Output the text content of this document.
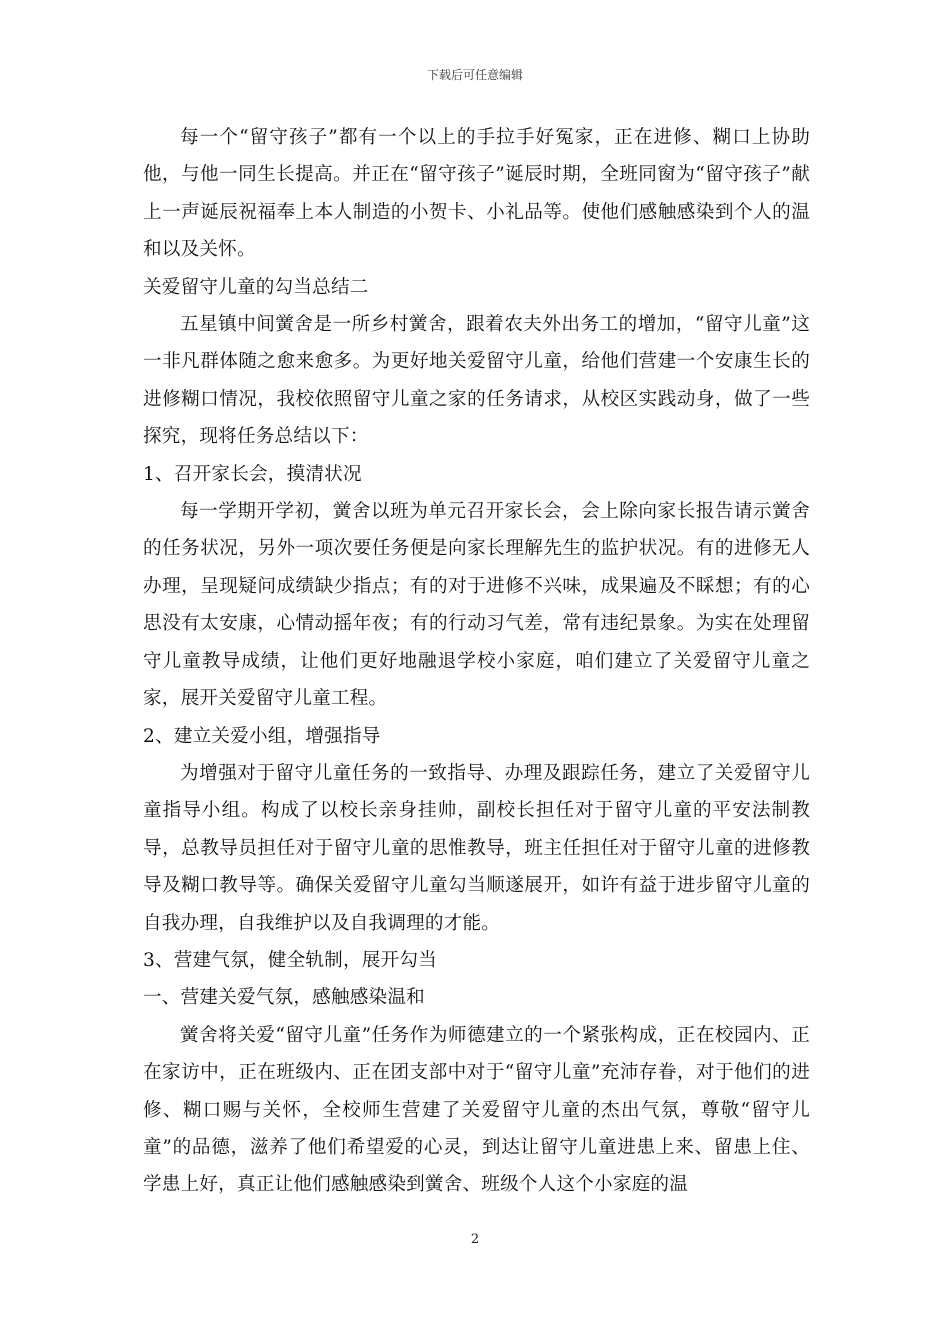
下载后可任意编辑

每一个“留守孩子”都有一个以上的手拉手好冤家，正在进修、糊口上协助他，与他一同生长提高。并正在“留守孩子”诞辰时期，全班同窗为“留守孩子”献上一声诞辰祝福奉上本人制造的小贺卡、小礼品等。使他们感触感染到个人的温和以及关怀。

关爱留守儿童的勾当总结二

五星镇中间黉舍是一所乡村黉舍，跟着农夫外出务工的增加，“留守儿童”这一非凡群体随之愈来愈多。为更好地关爱留守儿童，给他们营建一个安康生长的进修糊口情况，我校依照留守儿童之家的任务请求，从校区实践动身，做了一些探究，现将任务总结以下：

1、召开家长会，摸清状况

每一学期开学初，黉舍以班为单元召开家长会，会上除向家长报告请示黉舍的任务状况，另外一项次要任务便是向家长理解先生的监护状况。有的进修无人办理，呈现疑问成绩缺少指点；有的对于进修不兴味，成果遍及不睬想；有的心思没有太安康，心情动摇年夜；有的行动习气差，常有违纪景象。为实在处理留守儿童教导成绩，让他们更好地融退学校小家庭，咱们建立了关爱留守儿童之家，展开关爱留守儿童工程。

2、建立关爱小组，增强指导

为增强对于留守儿童任务的一致指导、办理及跟踪任务，建立了关爱留守儿童指导小组。构成了以校长亲身挂帅，副校长担任对于留守儿童的平安法制教导，总教导员担任对于留守儿童的思惟教导，班主任担任对于留守儿童的进修教导及糊口教导等。确保关爱留守儿童勾当顺遂展开，如许有益于进步留守儿童的自我办理，自我维护以及自我调理的才能。

3、营建气氛，健全轨制，展开勾当

一、营建关爱气氛，感触感染温和

黉舍将关爱“留守儿童”任务作为师德建立的一个紧张构成，正在校园内、正在家访中，正在班级内、正在团支部中对于“留守儿童”充沛存眷，对于他们的进修、糊口赐与关怀，全校师生营建了关爱留守儿童的杰出气氛，尊敬“留守儿童”的品德，滋养了他们希望爱的心灵，到达让留守儿童进患上来、留患上住、学患上好，真正让他们感触感染到黉舍、班级个人这个小家庭的温

2
